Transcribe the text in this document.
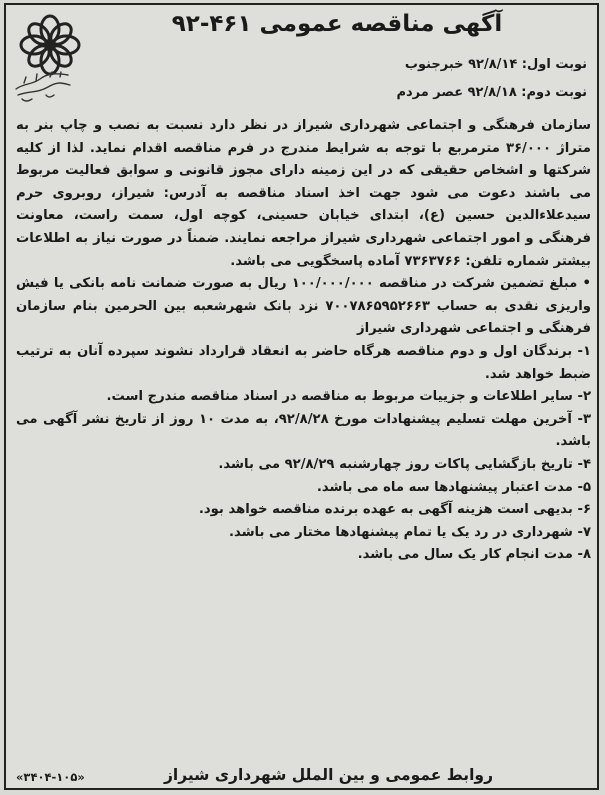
آگهی مناقصه عمومی ۴۶۱-۹۲
نوبت اول: ۹۲/۸/۱۴ خبرجنوب
نوبت دوم: ۹۲/۸/۱۸ عصر مردم

سازمان فرهنگی و اجتماعی شهرداری شیراز در نظر دارد نسبت به نصب و چاپ بنر به متراژ ۳۶/۰۰۰ مترمربع با توجه به شرایط مندرج در فرم مناقصه اقدام نماید. لذا از کلیه شرکتها و اشخاص حقیقی که در این زمینه دارای مجوز قانونی و سوابق فعالیت مربوط می باشند دعوت می شود جهت اخذ اسناد مناقصه به آدرس: شیراز، روبروی حرم سیدعلاءالدین حسین (ع)، ابتدای خیابان حسینی، کوچه اول، سمت راست، معاونت فرهنگی و امور اجتماعی شهرداری شیراز مراجعه نمایند. ضمناً در صورت نیاز به اطلاعات بیشتر شماره تلفن: ۷۳۶۳۷۶۶ آماده پاسخگویی می باشد.

• مبلغ تضمین شرکت در مناقصه ۱۰۰/۰۰۰/۰۰۰ ریال به صورت ضمانت نامه بانکی یا فیش واریزی نقدی به حساب ۷۰۰۷۸۶۵۹۵۲۶۶۳ نزد بانک شهرشعبه بین الحرمین بنام سازمان فرهنگی و اجتماعی شهرداری شیراز

۱- برندگان اول و دوم مناقصه هرگاه حاضر به انعقاد قرارداد نشوند سپرده آنان به ترتیب ضبط خواهد شد.
۲- سایر اطلاعات و جزییات مربوط به مناقصه در اسناد مناقصه مندرج است.
۳- آخرین مهلت تسلیم پیشنهادات مورخ ۹۲/۸/۲۸، به مدت ۱۰ روز از تاریخ نشر آگهی می باشد.
۴- تاریخ بازگشایی پاکات روز چهارشنبه ۹۲/۸/۲۹ می باشد.
۵- مدت اعتبار پیشنهادها سه ماه می باشد.
۶- بدیهی است هزینه آگهی به عهده برنده مناقصه خواهد بود.
۷- شهرداری در رد یک یا تمام پیشنهادها مختار می باشد.
۸- مدت انجام کار یک سال می باشد.
روابط عمومی و بین الملل شهرداری شیراز
«۳۴۰۴-۱۰۵»
